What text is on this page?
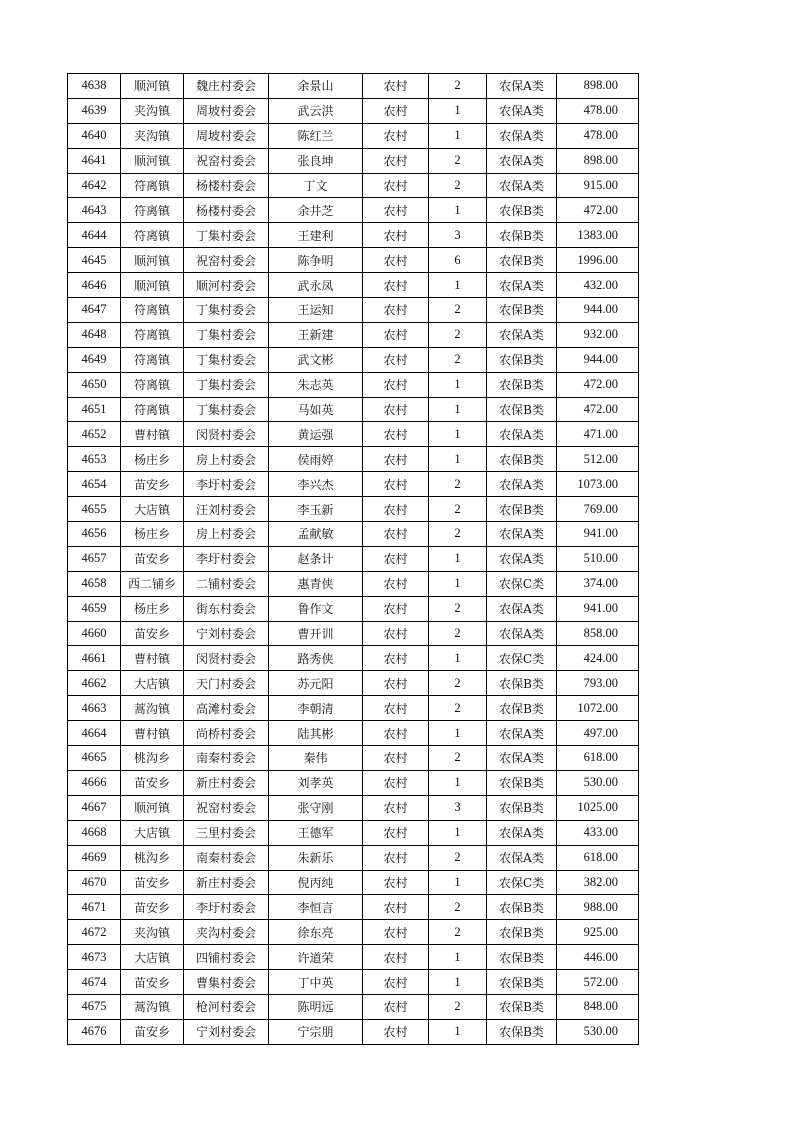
4638	顺河镇	魏庄村委会	余景山	农村	2	农保A类	898.00
4639	夹沟镇	周坡村委会	武云洪	农村	1	农保A类	478.00
4640	夹沟镇	周坡村委会	陈红兰	农村	1	农保A类	478.00
4641	顺河镇	祝窑村委会	张良坤	农村	2	农保A类	898.00
4642	符离镇	杨楼村委会	丁文	农村	2	农保A类	915.00
4643	符离镇	杨楼村委会	余井芝	农村	1	农保B类	472.00
4644	符离镇	丁集村委会	王建利	农村	3	农保B类	1383.00
4645	顺河镇	祝窑村委会	陈争明	农村	6	农保B类	1996.00
4646	顺河镇	顺河村委会	武永凤	农村	1	农保A类	432.00
4647	符离镇	丁集村委会	王运知	农村	2	农保B类	944.00
4648	符离镇	丁集村委会	王新建	农村	2	农保A类	932.00
4649	符离镇	丁集村委会	武文彬	农村	2	农保B类	944.00
4650	符离镇	丁集村委会	朱志英	农村	1	农保B类	472.00
4651	符离镇	丁集村委会	马如英	农村	1	农保B类	472.00
4652	曹村镇	闵贤村委会	黄运强	农村	1	农保A类	471.00
4653	杨庄乡	房上村委会	侯雨婷	农村	1	农保B类	512.00
4654	苗安乡	李圩村委会	李兴杰	农村	2	农保A类	1073.00
4655	大店镇	汪刘村委会	李玉新	农村	2	农保B类	769.00
4656	杨庄乡	房上村委会	孟献敏	农村	2	农保A类	941.00
4657	苗安乡	李圩村委会	赵条计	农村	1	农保A类	510.00
4658	西二铺乡	二铺村委会	惠青侠	农村	1	农保C类	374.00
4659	杨庄乡	街东村委会	鲁作文	农村	2	农保A类	941.00
4660	苗安乡	宁刘村委会	曹开训	农村	2	农保A类	858.00
4661	曹村镇	闵贤村委会	路秀侠	农村	1	农保C类	424.00
4662	大店镇	天门村委会	苏元阳	农村	2	农保B类	793.00
4663	蒿沟镇	高滩村委会	李朝清	农村	2	农保B类	1072.00
4664	曹村镇	尚桥村委会	陆其彬	农村	1	农保A类	497.00
4665	桃沟乡	南秦村委会	秦伟	农村	2	农保A类	618.00
4666	苗安乡	新庄村委会	刘孝英	农村	1	农保B类	530.00
4667	顺河镇	祝窑村委会	张守刚	农村	3	农保B类	1025.00
4668	大店镇	三里村委会	王德军	农村	1	农保A类	433.00
4669	桃沟乡	南秦村委会	朱新乐	农村	2	农保A类	618.00
4670	苗安乡	新庄村委会	倪丙纯	农村	1	农保C类	382.00
4671	苗安乡	李圩村委会	李恒言	农村	2	农保B类	988.00
4672	夹沟镇	夹沟村委会	徐东亮	农村	2	农保B类	925.00
4673	大店镇	四铺村委会	许道荣	农村	1	农保B类	446.00
4674	苗安乡	曹集村委会	丁中英	农村	1	农保B类	572.00
4675	蒿沟镇	枪河村委会	陈明远	农村	2	农保B类	848.00
4676	苗安乡	宁刘村委会	宁宗朋	农村	1	农保B类	530.00
